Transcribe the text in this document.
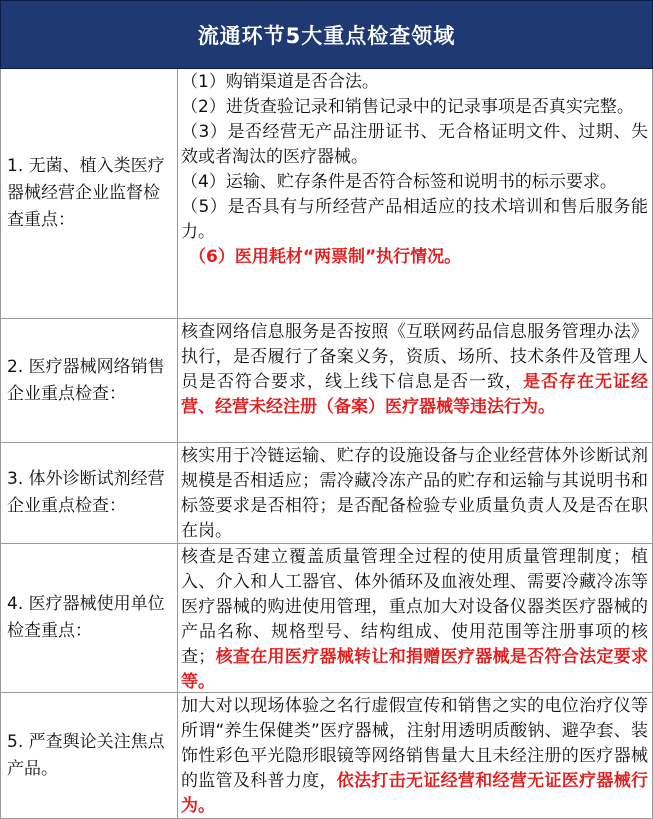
流通环节5大重点检查领域
1. 无菌、植入类医疗器械经营企业监督检查重点：

（1）购销渠道是否合法。

（2）进货查验记录和销售记录中的记录事项是否真实完整。

（3）是否经营无产品注册证书、无合格证明文件、过期、失效或者淘汰的医疗器械。

（4）运输、贮存条件是否符合标签和说明书的标示要求。

（5）是否具有与所经营产品相适应的技术培训和售后服务能力。

（6）医用耗材“两票制”执行情况。

2. 医疗器械网络销售企业重点检查：
核查网络信息服务是否按照《互联网药品信息服务管理办法》执行，是否履行了备案义务，资质、场所、技术条件及管理人员是否符合要求，线上线下信息是否一致，是否存在无证经营、经营未经注册（备案）医疗器械等违法行为。
3. 体外诊断试剂经营企业重点检查：
核实用于冷链运输、贮存的设施设备与企业经营体外诊断试剂规模是否相适应；需冷藏冷冻产品的贮存和运输与其说明书和标签要求是否相符；是否配备检验专业质量负责人及是否在职在岗。
4. 医疗器械使用单位检查重点：
核查是否建立覆盖质量管理全过程的使用质量管理制度；植入、介入和人工器官、体外循环及血液处理、需要冷藏冷冻等医疗器械的购进使用管理，重点加大对设备仪器类医疗器械的产品名称、规格型号、结构组成、使用范围等注册事项的核查；核查在用医疗器械转让和捐赠医疗器械是否符合法定要求等。
5. 严查舆论关注焦点产品。
加大对以现场体验之名行虚假宣传和销售之实的电位治疗仪等所谓“养生保健类”医疗器械，注射用透明质酸钠、避孕套、装饰性彩色平光隐形眼镜等网络销售量大且未经注册的医疗器械的监管及科普力度，依法打击无证经营和经营无证医疗器械行为。
